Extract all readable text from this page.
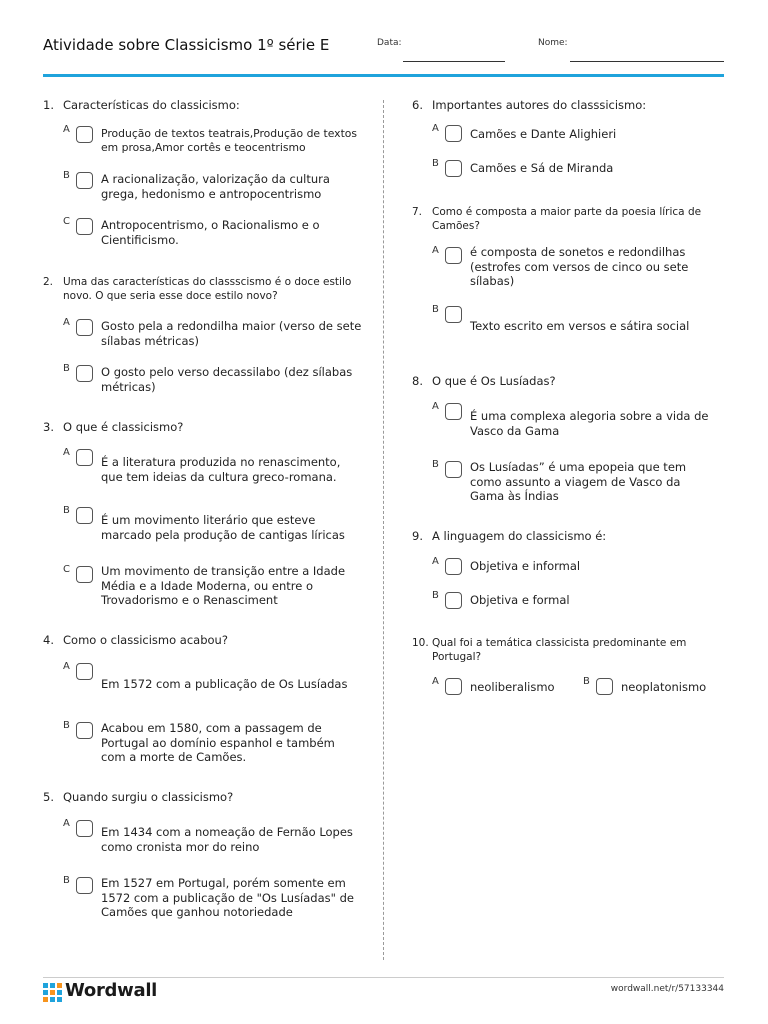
Atividade sobre Classicismo 1º série E	Data:	Nome:
1. Características do classicismo:
A	Produção de textos teatrais,Produção de textos em prosa,Amor cortês e teocentrismo
B	A racionalização, valorização da cultura grega, hedonismo e antropocentrismo
C	Antropocentrismo, o Racionalismo e o Cientificismo.
2. Uma das características do classscismo é o doce estilo novo. O que seria esse doce estilo novo?
A	Gosto pela a redondilha maior (verso de sete sílabas métricas)
B	O gosto pelo verso decassilabo (dez sílabas métricas)
3. O que é classicismo?
A
É a literatura produzida no renascimento, que tem ideias da cultura greco-romana.
B
É um movimento literário que esteve marcado pela produção de cantigas líricas
C	Um movimento de transição entre a Idade Média e a Idade Moderna, ou entre o Trovadorismo e o Renasciment
4. Como o classicismo acabou?
A
Em 1572 com a publicação de Os Lusíadas
B	Acabou em 1580, com a passagem de Portugal ao domínio espanhol e também com a morte de Camões.
5. Quando surgiu o classicismo?
A
Em 1434 com a nomeação de Fernão Lopes como cronista mor do reino
B	Em 1527 em Portugal, porém somente em 1572 com a publicação de "Os Lusíadas" de Camões que ganhou notoriedade
6. Importantes autores do classsicismo:
A	Camões e Dante Alighieri
B	Camões e Sá de Miranda
7. Como é composta a maior parte da poesia lírica de Camões?
A	é composta de sonetos e redondilhas (estrofes com versos de cinco ou sete sílabas)
B
Texto escrito em versos e sátira social
8. O que é Os Lusíadas?
A
É uma complexa alegoria sobre a vida de Vasco da Gama
B	Os Lusíadas” é uma epopeia que tem como assunto a viagem de Vasco da Gama às Índias
9. A linguagem do classicismo é:
A	Objetiva e informal
B	Objetiva e formal
10. Qual foi a temática classicista predominante em Portugal?
A	neoliberalismo	B	neoplatonismo
Wordwall	wordwall.net/r/57133344
